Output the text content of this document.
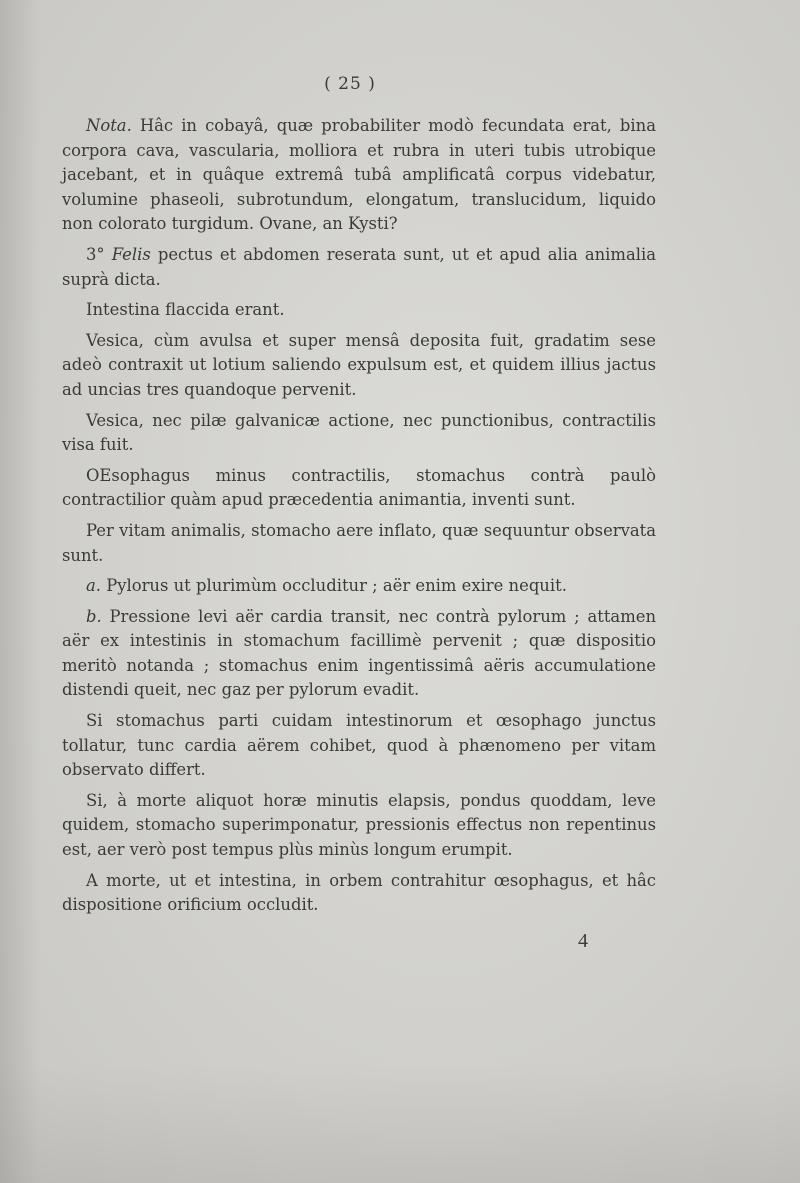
( 25 )

Nota. Hâc in cobayâ, quæ probabiliter modò fecundata erat, bina corpora cava, vascularia, molliora et rubra in uteri tubis utrobique jacebant, et in quâque extremâ tubâ amplificatâ corpus videbatur, volumine phaseoli, subrotundum, elongatum, translucidum, liquido non colorato turgidum. Ovane, an Kysti?

3° Felis pectus et abdomen reserata sunt, ut et apud alia animalia suprà dicta.

Intestina flaccida erant.

Vesica, cùm avulsa et super mensâ deposita fuit, gradatim sese adeò contraxit ut lotium saliendo expulsum est, et quidem illius jactus ad uncias tres quandoque pervenit.

Vesica, nec pilæ galvanicæ actione, nec punctionibus, contractilis visa fuit.

OEsophagus minus contractilis, stomachus contrà paulò contractilior quàm apud præcedentia animantia, inventi sunt.

Per vitam animalis, stomacho aere inflato, quæ sequuntur observata sunt.

a. Pylorus ut plurimùm occluditur ; aër enim exire nequit.

b. Pressione levi aër cardia transit, nec contrà pylorum ; attamen aër ex intestinis in stomachum facillimè pervenit ; quæ dispositio meritò notanda ; stomachus enim ingentissimâ aëris accumulatione distendi queit, nec gaz per pylorum evadit.

Si stomachus parti cuidam intestinorum et œsophago junctus tollatur, tunc cardia aërem cohibet, quod à phænomeno per vitam observato differt.

Si, à morte aliquot horæ minutis elapsis, pondus quoddam, leve quidem, stomacho superimponatur, pressionis effectus non repentinus est, aer verò post tempus plùs minùs longum erumpit.

A morte, ut et intestina, in orbem contrahitur œsophagus, et hâc dispositione orificium occludit.

4
